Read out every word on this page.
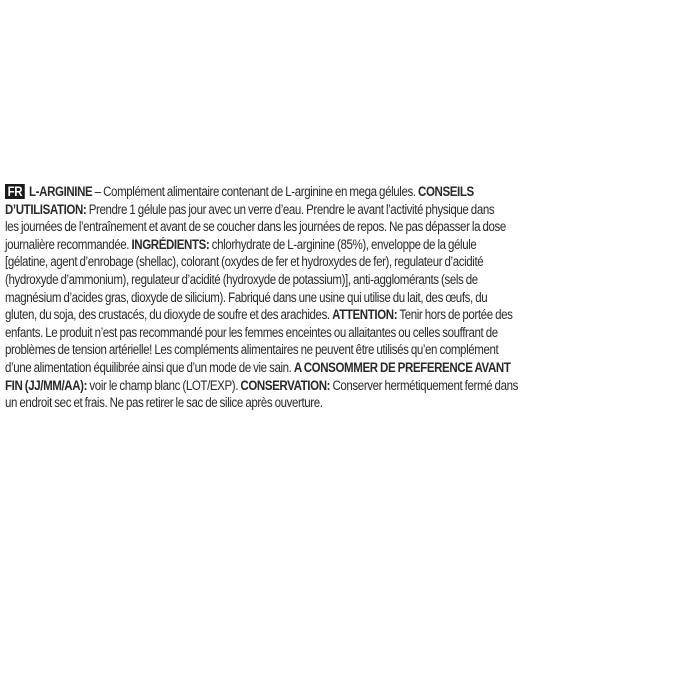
FR L-ARGININE – Complément alimentaire contenant de L-arginine en mega gélules. CONSEILS
D’UTILISATION: Prendre 1 gélule pas jour avec un verre d’eau. Prendre le avant l’activité physique dans
les journées de l’entraînement et avant de se coucher dans les journées de repos. Ne pas dépasser la dose
journalière recommandée. INGRÉDIENTS: chlorhydrate de L-arginine (85%), enveloppe de la gélule
[gélatine, agent d’enrobage (shellac), colorant (oxydes de fer et hydroxydes de fer), regulateur d’acidité
(hydroxyde d’ammonium), regulateur d’acidité (hydroxyde de potassium)], anti-agglomérants (sels de
magnésium d’acides gras, dioxyde de silicium). Fabriqué dans une usine qui utilise du lait, des œufs, du
gluten, du soja, des crustacés, du dioxyde de soufre et des arachides. ATTENTION: Tenir hors de portée des
enfants. Le produit n’est pas recommandé pour les femmes enceintes ou allaitantes ou celles souffrant de
problèmes de tension artérielle! Les compléments alimentaires ne peuvent être utilisés qu’en complément
d’une alimentation équilibrée ainsi que d’un mode de vie sain. A CONSOMMER DE PREFERENCE AVANT
FIN (JJ/MM/AA): voir le champ blanc (LOT/EXP). CONSERVATION: Conserver hermétiquement fermé dans
un endroit sec et frais. Ne pas retirer le sac de silice après ouverture.
